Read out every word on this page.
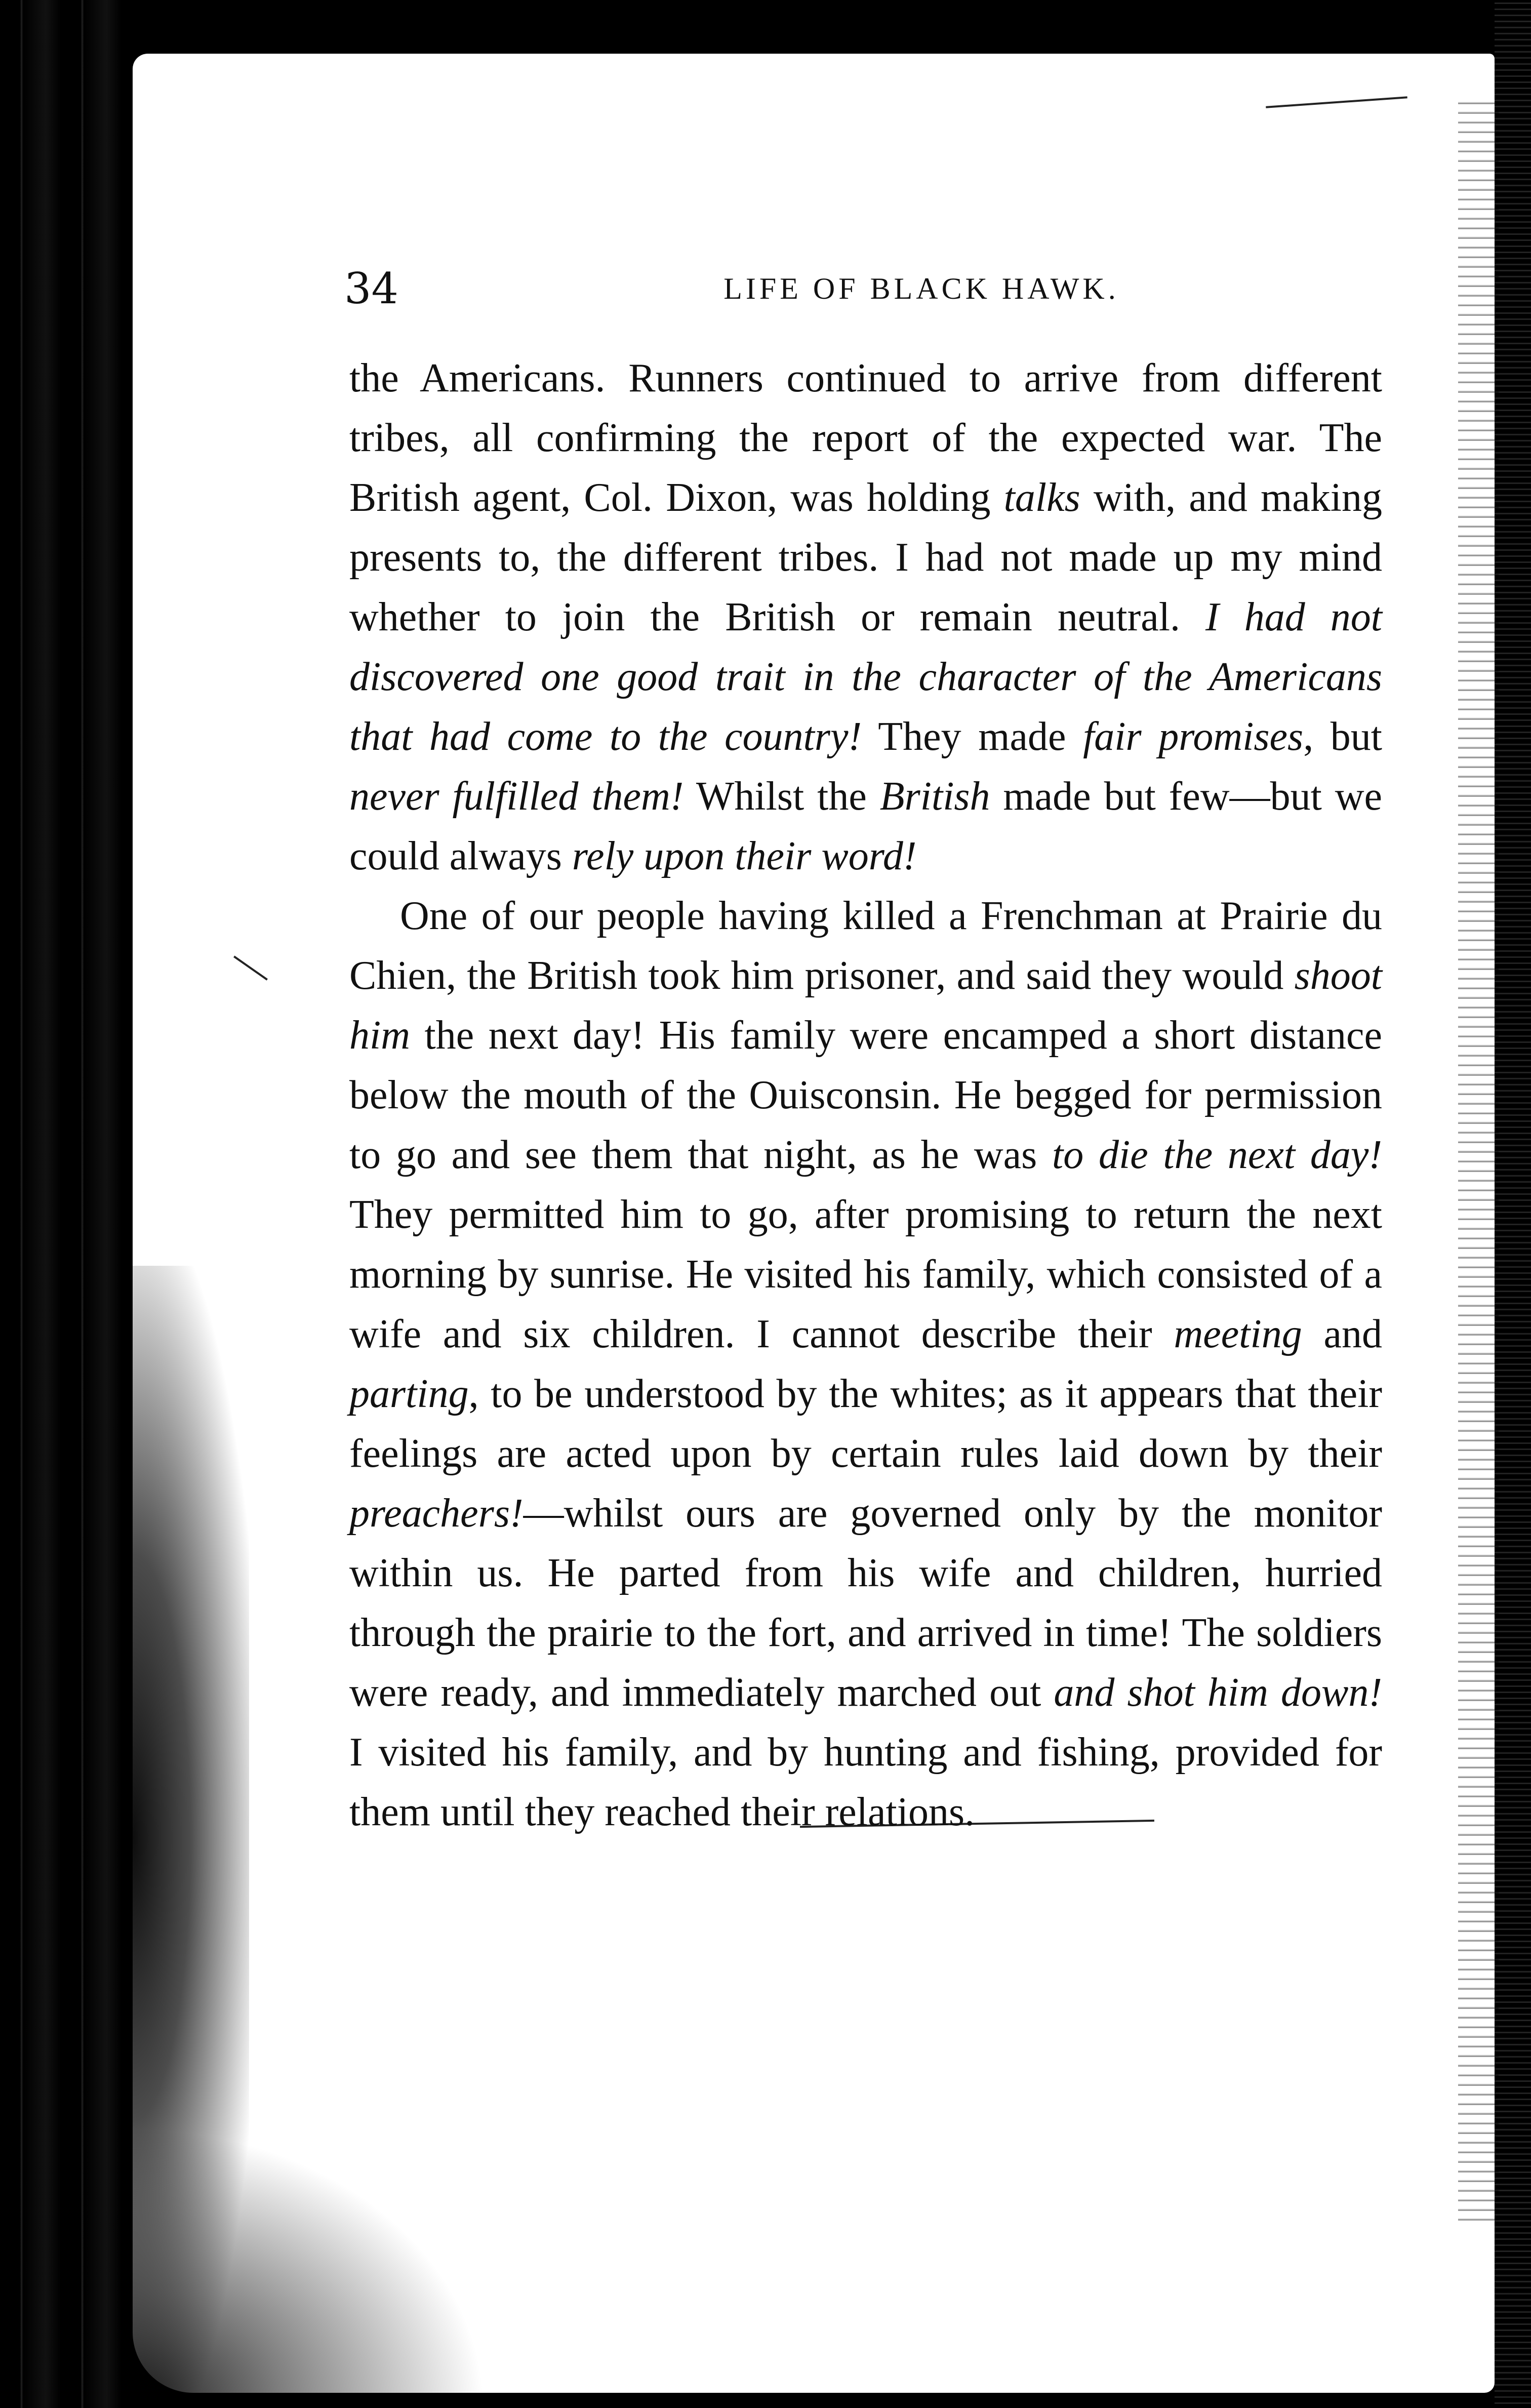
34	LIFE OF BLACK HAWK.

the Americans. Runners continued to arrive from different tribes, all confirming the report of the expected war. The British agent, Col. Dixon, was holding talks with, and making presents to, the different tribes. I had not made up my mind whether to join the British or remain neutral. I had not discovered one good trait in the character of the Americans that had come to the country! They made fair promises, but never fulfilled them! Whilst the British made but few—but we could always rely upon their word!

One of our people having killed a Frenchman at Prairie du Chien, the British took him prisoner, and said they would shoot him the next day! His family were encamped a short distance below the mouth of the Ouisconsin. He begged for permission to go and see them that night, as he was to die the next day! They permitted him to go, after promising to return the next morning by sunrise. He visited his family, which consisted of a wife and six children. I cannot describe their meeting and parting, to be understood by the whites; as it appears that their feelings are acted upon by certain rules laid down by their preachers!—whilst ours are governed only by the monitor within us. He parted from his wife and children, hurried through the prairie to the fort, and arrived in time! The soldiers were ready, and immediately marched out and shot him down! I visited his family, and by hunting and fishing, provided for them until they reached their relations.
